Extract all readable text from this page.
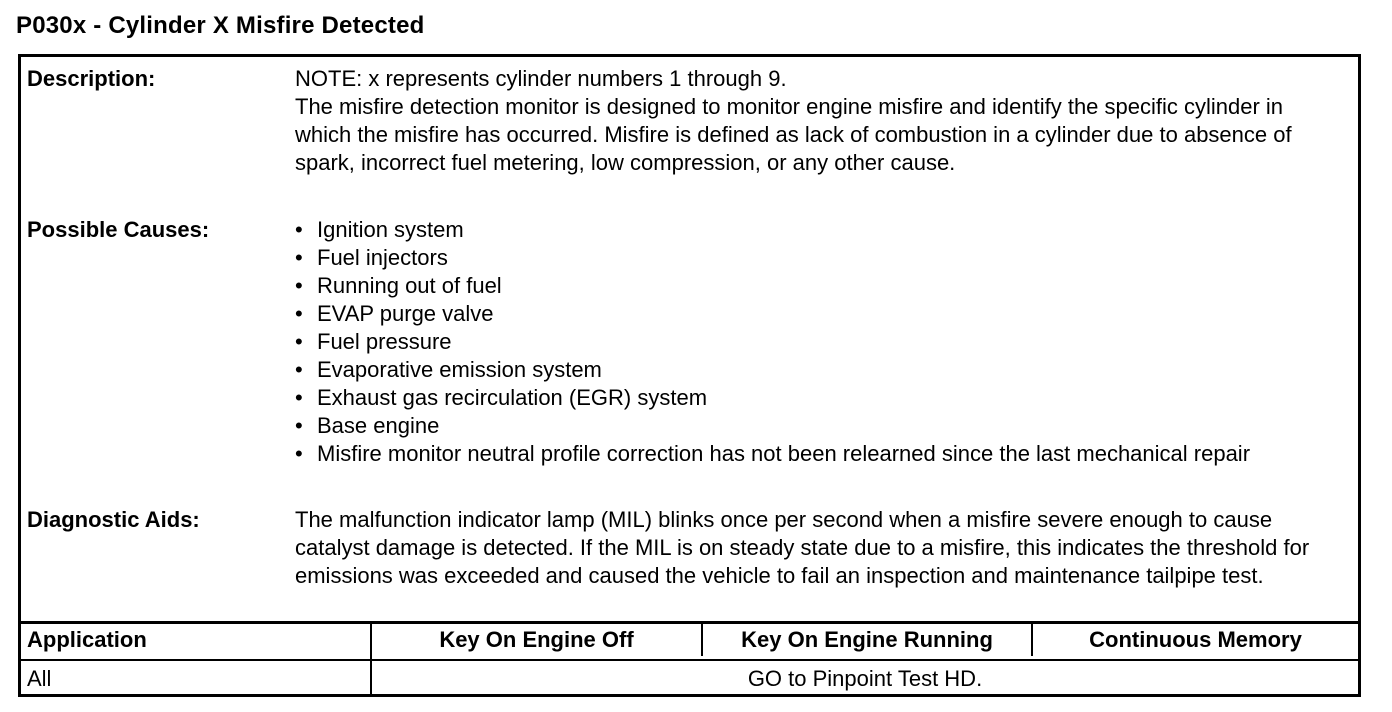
P030x - Cylinder X Misfire Detected
Description:	NOTE: x represents cylinder numbers 1 through 9.

The misfire detection monitor is designed to monitor engine misfire and identify the specific cylinder in which the misfire has occurred. Misfire is defined as lack of combustion in a cylinder due to absence of spark, incorrect fuel metering, low compression, or any other cause.

Possible Causes:
•	Ignition system
• Fuel injectors
• Running out of fuel
• EVAP purge valve
• Fuel pressure
• Evaporative emission system
• Exhaust gas recirculation (EGR) system
• Base engine
• Misfire monitor neutral profile correction has not been relearned since the last mechanical repair
Diagnostic Aids:	The malfunction indicator lamp (MIL) blinks once per second when a misfire severe enough to cause catalyst damage is detected. If the MIL is on steady state due to a misfire, this indicates the threshold for emissions was exceeded and caused the vehicle to fail an inspection and maintenance tailpipe test.

Application	Key On Engine Off	Key On Engine Running	Continuous Memory
All	GO to Pinpoint Test HD.
